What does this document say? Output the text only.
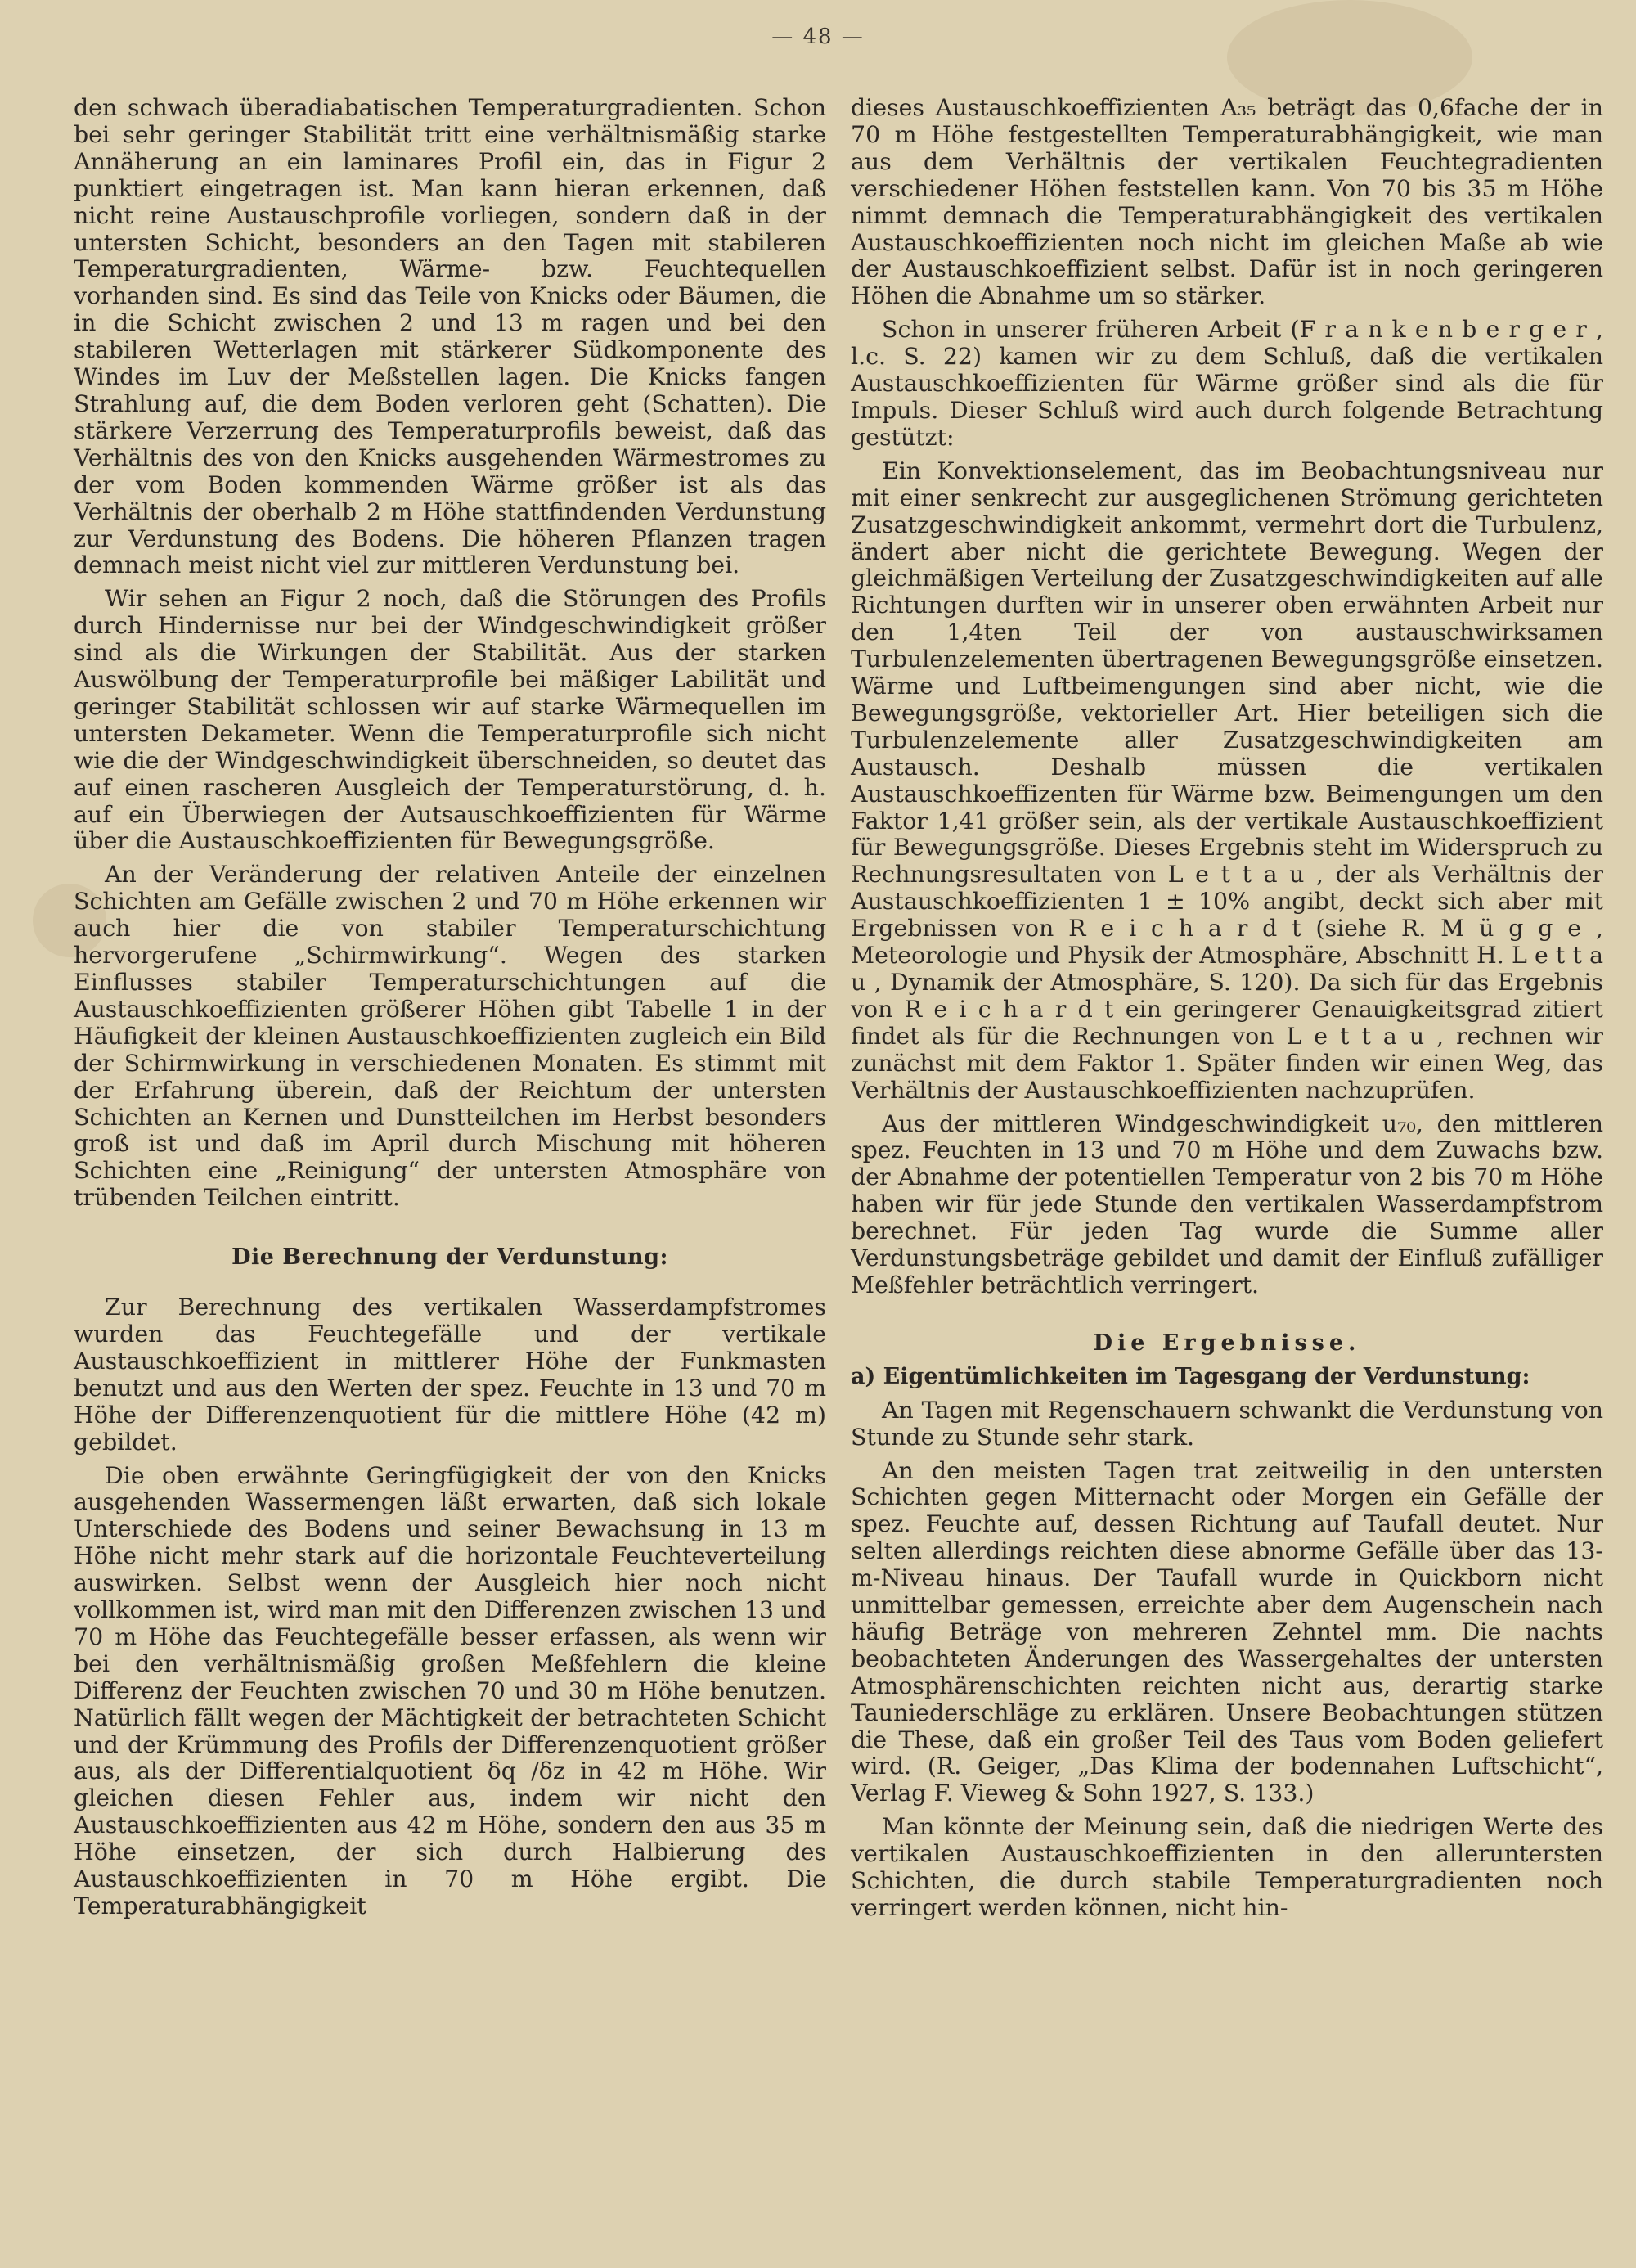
— 48 —

den schwach überadiabatischen Temperaturgradienten. Schon bei sehr geringer Stabilität tritt eine verhältnismäßig starke Annäherung an ein laminares Profil ein, das in Figur 2 punktiert eingetragen ist. Man kann hieran erkennen, daß nicht reine Austauschprofile vorliegen, sondern daß in der untersten Schicht, besonders an den Tagen mit stabileren Temperaturgradienten, Wärme- bzw. Feuchtequellen vorhanden sind. Es sind das Teile von Knicks oder Bäumen, die in die Schicht zwischen 2 und 13 m ragen und bei den stabileren Wetterlagen mit stärkerer Südkomponente des Windes im Luv der Meßstellen lagen. Die Knicks fangen Strahlung auf, die dem Boden verloren geht (Schatten). Die stärkere Verzerrung des Temperaturprofils beweist, daß das Verhältnis des von den Knicks ausgehenden Wärmestromes zu der vom Boden kommenden Wärme größer ist als das Verhältnis der oberhalb 2 m Höhe stattfindenden Verdunstung zur Verdunstung des Bodens. Die höheren Pflanzen tragen demnach meist nicht viel zur mittleren Verdunstung bei.

Wir sehen an Figur 2 noch, daß die Störungen des Profils durch Hindernisse nur bei der Windgeschwindigkeit größer sind als die Wirkungen der Stabilität. Aus der starken Auswölbung der Temperaturprofile bei mäßiger Labilität und geringer Stabilität schlossen wir auf starke Wärmequellen im untersten Dekameter. Wenn die Temperaturprofile sich nicht wie die der Windgeschwindigkeit überschneiden, so deutet das auf einen rascheren Ausgleich der Temperaturstörung, d. h. auf ein Überwiegen der Autsauschkoeffizienten für Wärme über die Austauschkoeffizienten für Bewegungsgröße.

An der Veränderung der relativen Anteile der einzelnen Schichten am Gefälle zwischen 2 und 70 m Höhe erkennen wir auch hier die von stabiler Temperaturschichtung hervorgerufene „Schirmwirkung“. Wegen des starken Einflusses stabiler Temperaturschichtungen auf die Austauschkoeffizienten größerer Höhen gibt Tabelle 1 in der Häufigkeit der kleinen Austauschkoeffizienten zugleich ein Bild der Schirmwirkung in verschiedenen Monaten. Es stimmt mit der Erfahrung überein, daß der Reichtum der untersten Schichten an Kernen und Dunstteilchen im Herbst besonders groß ist und daß im April durch Mischung mit höheren Schichten eine „Reinigung“ der untersten Atmosphäre von trübenden Teilchen eintritt.

Die Berechnung der Verdunstung:

Zur Berechnung des vertikalen Wasserdampfstromes wurden das Feuchtegefälle und der vertikale Austauschkoeffizient in mittlerer Höhe der Funkmasten benutzt und aus den Werten der spez. Feuchte in 13 und 70 m Höhe der Differenzenquotient für die mittlere Höhe (42 m) gebildet.

Die oben erwähnte Geringfügigkeit der von den Knicks ausgehenden Wassermengen läßt erwarten, daß sich lokale Unterschiede des Bodens und seiner Bewachsung in 13 m Höhe nicht mehr stark auf die horizontale Feuchteverteilung auswirken. Selbst wenn der Ausgleich hier noch nicht vollkommen ist, wird man mit den Differenzen zwischen 13 und 70 m Höhe das Feuchtegefälle besser erfassen, als wenn wir bei den verhältnismäßig großen Meßfehlern die kleine Differenz der Feuchten zwischen 70 und 30 m Höhe benutzen. Natürlich fällt wegen der Mächtigkeit der betrachteten Schicht und der Krümmung des Profils der Differenzenquotient größer aus, als der Differentialquotient δq /δz in 42 m Höhe. Wir gleichen diesen Fehler aus, indem wir nicht den Austauschkoeffizienten aus 42 m Höhe, sondern den aus 35 m Höhe einsetzen, der sich durch Halbierung des Austauschkoeffizienten in 70 m Höhe ergibt. Die Temperaturabhängigkeit

dieses Austauschkoeffizienten A₃₅ beträgt das 0,6fache der in 70 m Höhe festgestellten Temperaturabhängigkeit, wie man aus dem Verhältnis der vertikalen Feuchtegradienten verschiedener Höhen feststellen kann. Von 70 bis 35 m Höhe nimmt demnach die Temperaturabhängigkeit des vertikalen Austauschkoeffizienten noch nicht im gleichen Maße ab wie der Austauschkoeffizient selbst. Dafür ist in noch geringeren Höhen die Abnahme um so stärker.

Schon in unserer früheren Arbeit (F r a n k e n b e r g e r , l.c. S. 22) kamen wir zu dem Schluß, daß die vertikalen Austauschkoeffizienten für Wärme größer sind als die für Impuls. Dieser Schluß wird auch durch folgende Betrachtung gestützt:

Ein Konvektionselement, das im Beobachtungsniveau nur mit einer senkrecht zur ausgeglichenen Strömung gerichteten Zusatzgeschwindigkeit ankommt, vermehrt dort die Turbulenz, ändert aber nicht die gerichtete Bewegung. Wegen der gleichmäßigen Verteilung der Zusatzgeschwindigkeiten auf alle Richtungen durften wir in unserer oben erwähnten Arbeit nur den 1,4ten Teil der von austauschwirksamen Turbulenzelementen übertragenen Bewegungsgröße einsetzen. Wärme und Luftbeimengungen sind aber nicht, wie die Bewegungsgröße, vektorieller Art. Hier beteiligen sich die Turbulenzelemente aller Zusatzgeschwindigkeiten am Austausch. Deshalb müssen die vertikalen Austauschkoeffizenten für Wärme bzw. Beimengungen um den Faktor 1,41 größer sein, als der vertikale Austauschkoeffizient für Bewegungsgröße. Dieses Ergebnis steht im Widerspruch zu Rechnungsresultaten von L e t t a u , der als Verhältnis der Austauschkoeffizienten 1 ± 10% angibt, deckt sich aber mit Ergebnissen von R e i c h a r d t (siehe R. M ü g g e , Meteorologie und Physik der Atmosphäre, Abschnitt H. L e t t a u , Dynamik der Atmosphäre, S. 120). Da sich für das Ergebnis von R e i c h a r d t ein geringerer Genauigkeitsgrad zitiert findet als für die Rechnungen von L e t t a u , rechnen wir zunächst mit dem Faktor 1. Später finden wir einen Weg, das Verhältnis der Austauschkoeffizienten nachzuprüfen.

Aus der mittleren Windgeschwindigkeit u₇₀, den mittleren spez. Feuchten in 13 und 70 m Höhe und dem Zuwachs bzw. der Abnahme der potentiellen Temperatur von 2 bis 70 m Höhe haben wir für jede Stunde den vertikalen Wasserdampfstrom berechnet. Für jeden Tag wurde die Summe aller Verdunstungsbeträge gebildet und damit der Einfluß zufälliger Meßfehler beträchtlich verringert.

Die Ergebnisse.

a) Eigentümlichkeiten im Tagesgang der Verdunstung:

An Tagen mit Regenschauern schwankt die Verdunstung von Stunde zu Stunde sehr stark.

An den meisten Tagen trat zeitweilig in den untersten Schichten gegen Mitternacht oder Morgen ein Gefälle der spez. Feuchte auf, dessen Richtung auf Taufall deutet. Nur selten allerdings reichten diese abnorme Gefälle über das 13-m-Niveau hinaus. Der Taufall wurde in Quickborn nicht unmittelbar gemessen, erreichte aber dem Augenschein nach häufig Beträge von mehreren Zehntel mm. Die nachts beobachteten Änderungen des Wassergehaltes der untersten Atmosphärenschichten reichten nicht aus, derartig starke Tauniederschläge zu erklären. Unsere Beobachtungen stützen die These, daß ein großer Teil des Taus vom Boden geliefert wird. (R. Geiger, „Das Klima der bodennahen Luftschicht“, Verlag F. Vieweg & Sohn 1927, S. 133.)

Man könnte der Meinung sein, daß die niedrigen Werte des vertikalen Austauschkoeffizienten in den alleruntersten Schichten, die durch stabile Temperaturgradienten noch verringert werden können, nicht hin-
